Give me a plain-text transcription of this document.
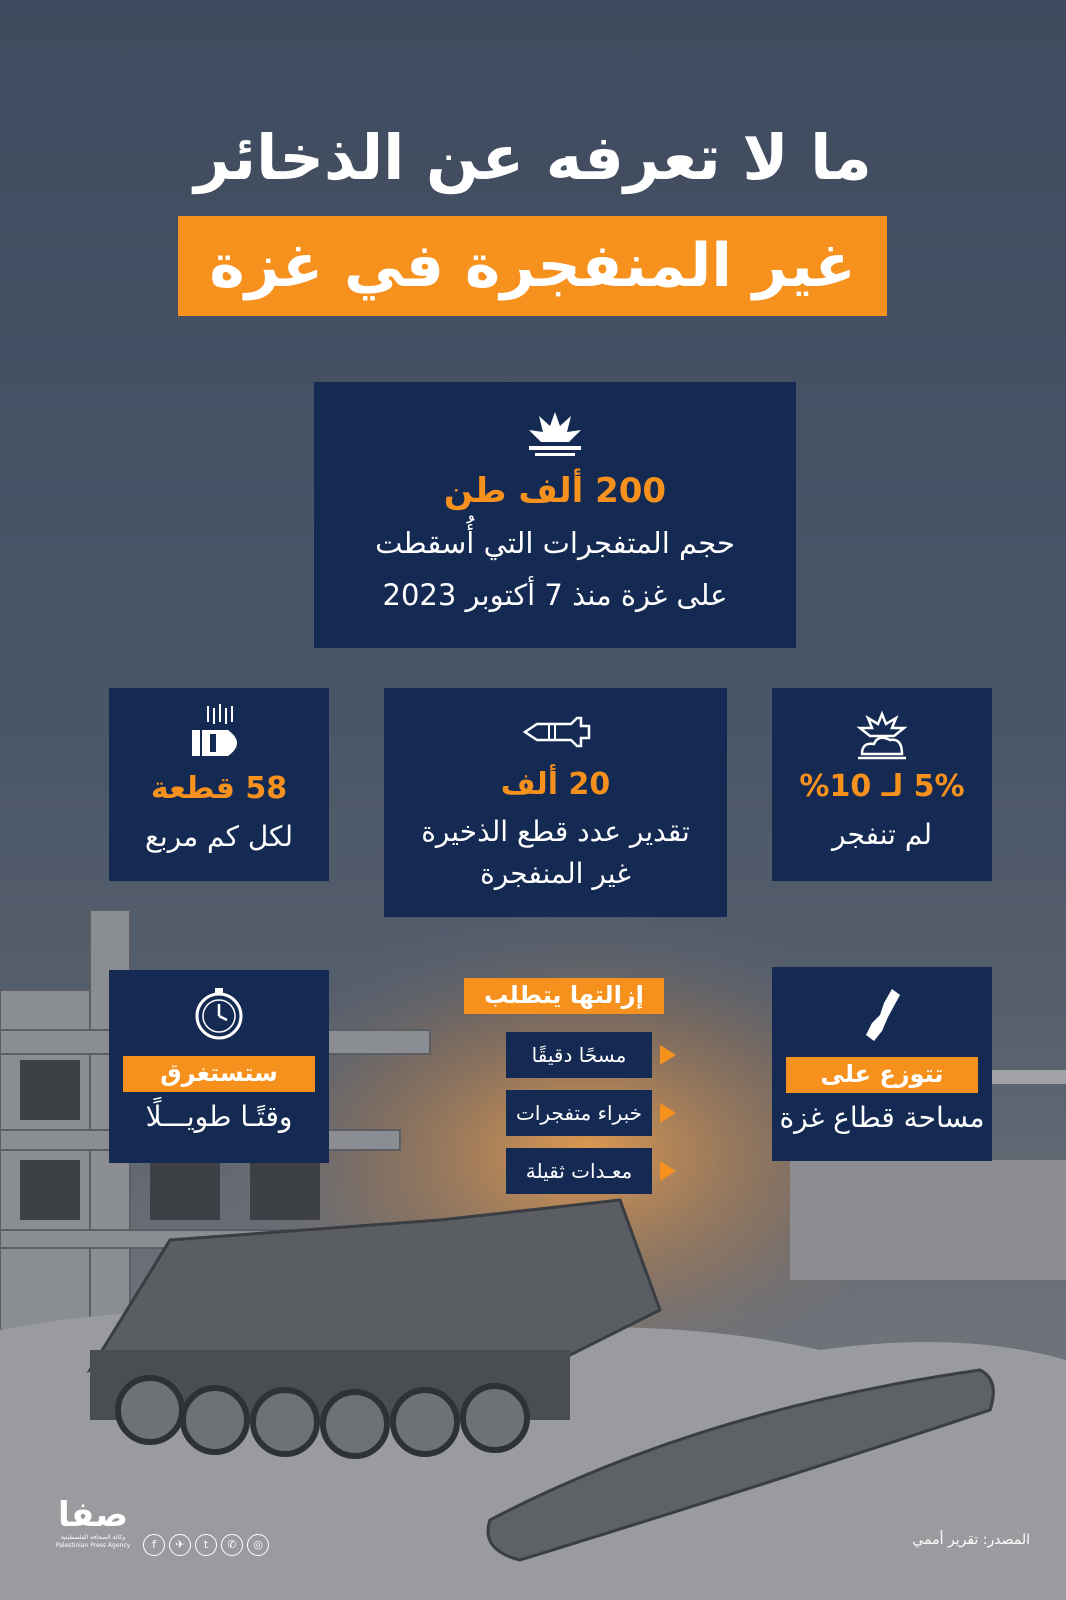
ما لا تعرفه عن الذخائر
غير المنفجرة في غزة
200 ألف طن
حجم المتفجرات التي أُسقطت
على غزة منذ 7 أكتوبر 2023
58 قطعة
لكل كم مربع
20 ألف
تقدير عدد قطع الذخيرة
غير المنفجرة
5% لـ 10%
لم تنفجر
ستستغرق
وقتًـا طويـــلًا
إزالتها يتطلب
مسحًا دقيقًا
خبراء متفجرات
معـدات ثقيلة
تتوزع على
مساحة قطاع غزة
صفا
وكالة الصحافة الفلسطينية
Palestinian Press Agency	f	✈	t	✆	◎	المصدر: تقرير أممي
